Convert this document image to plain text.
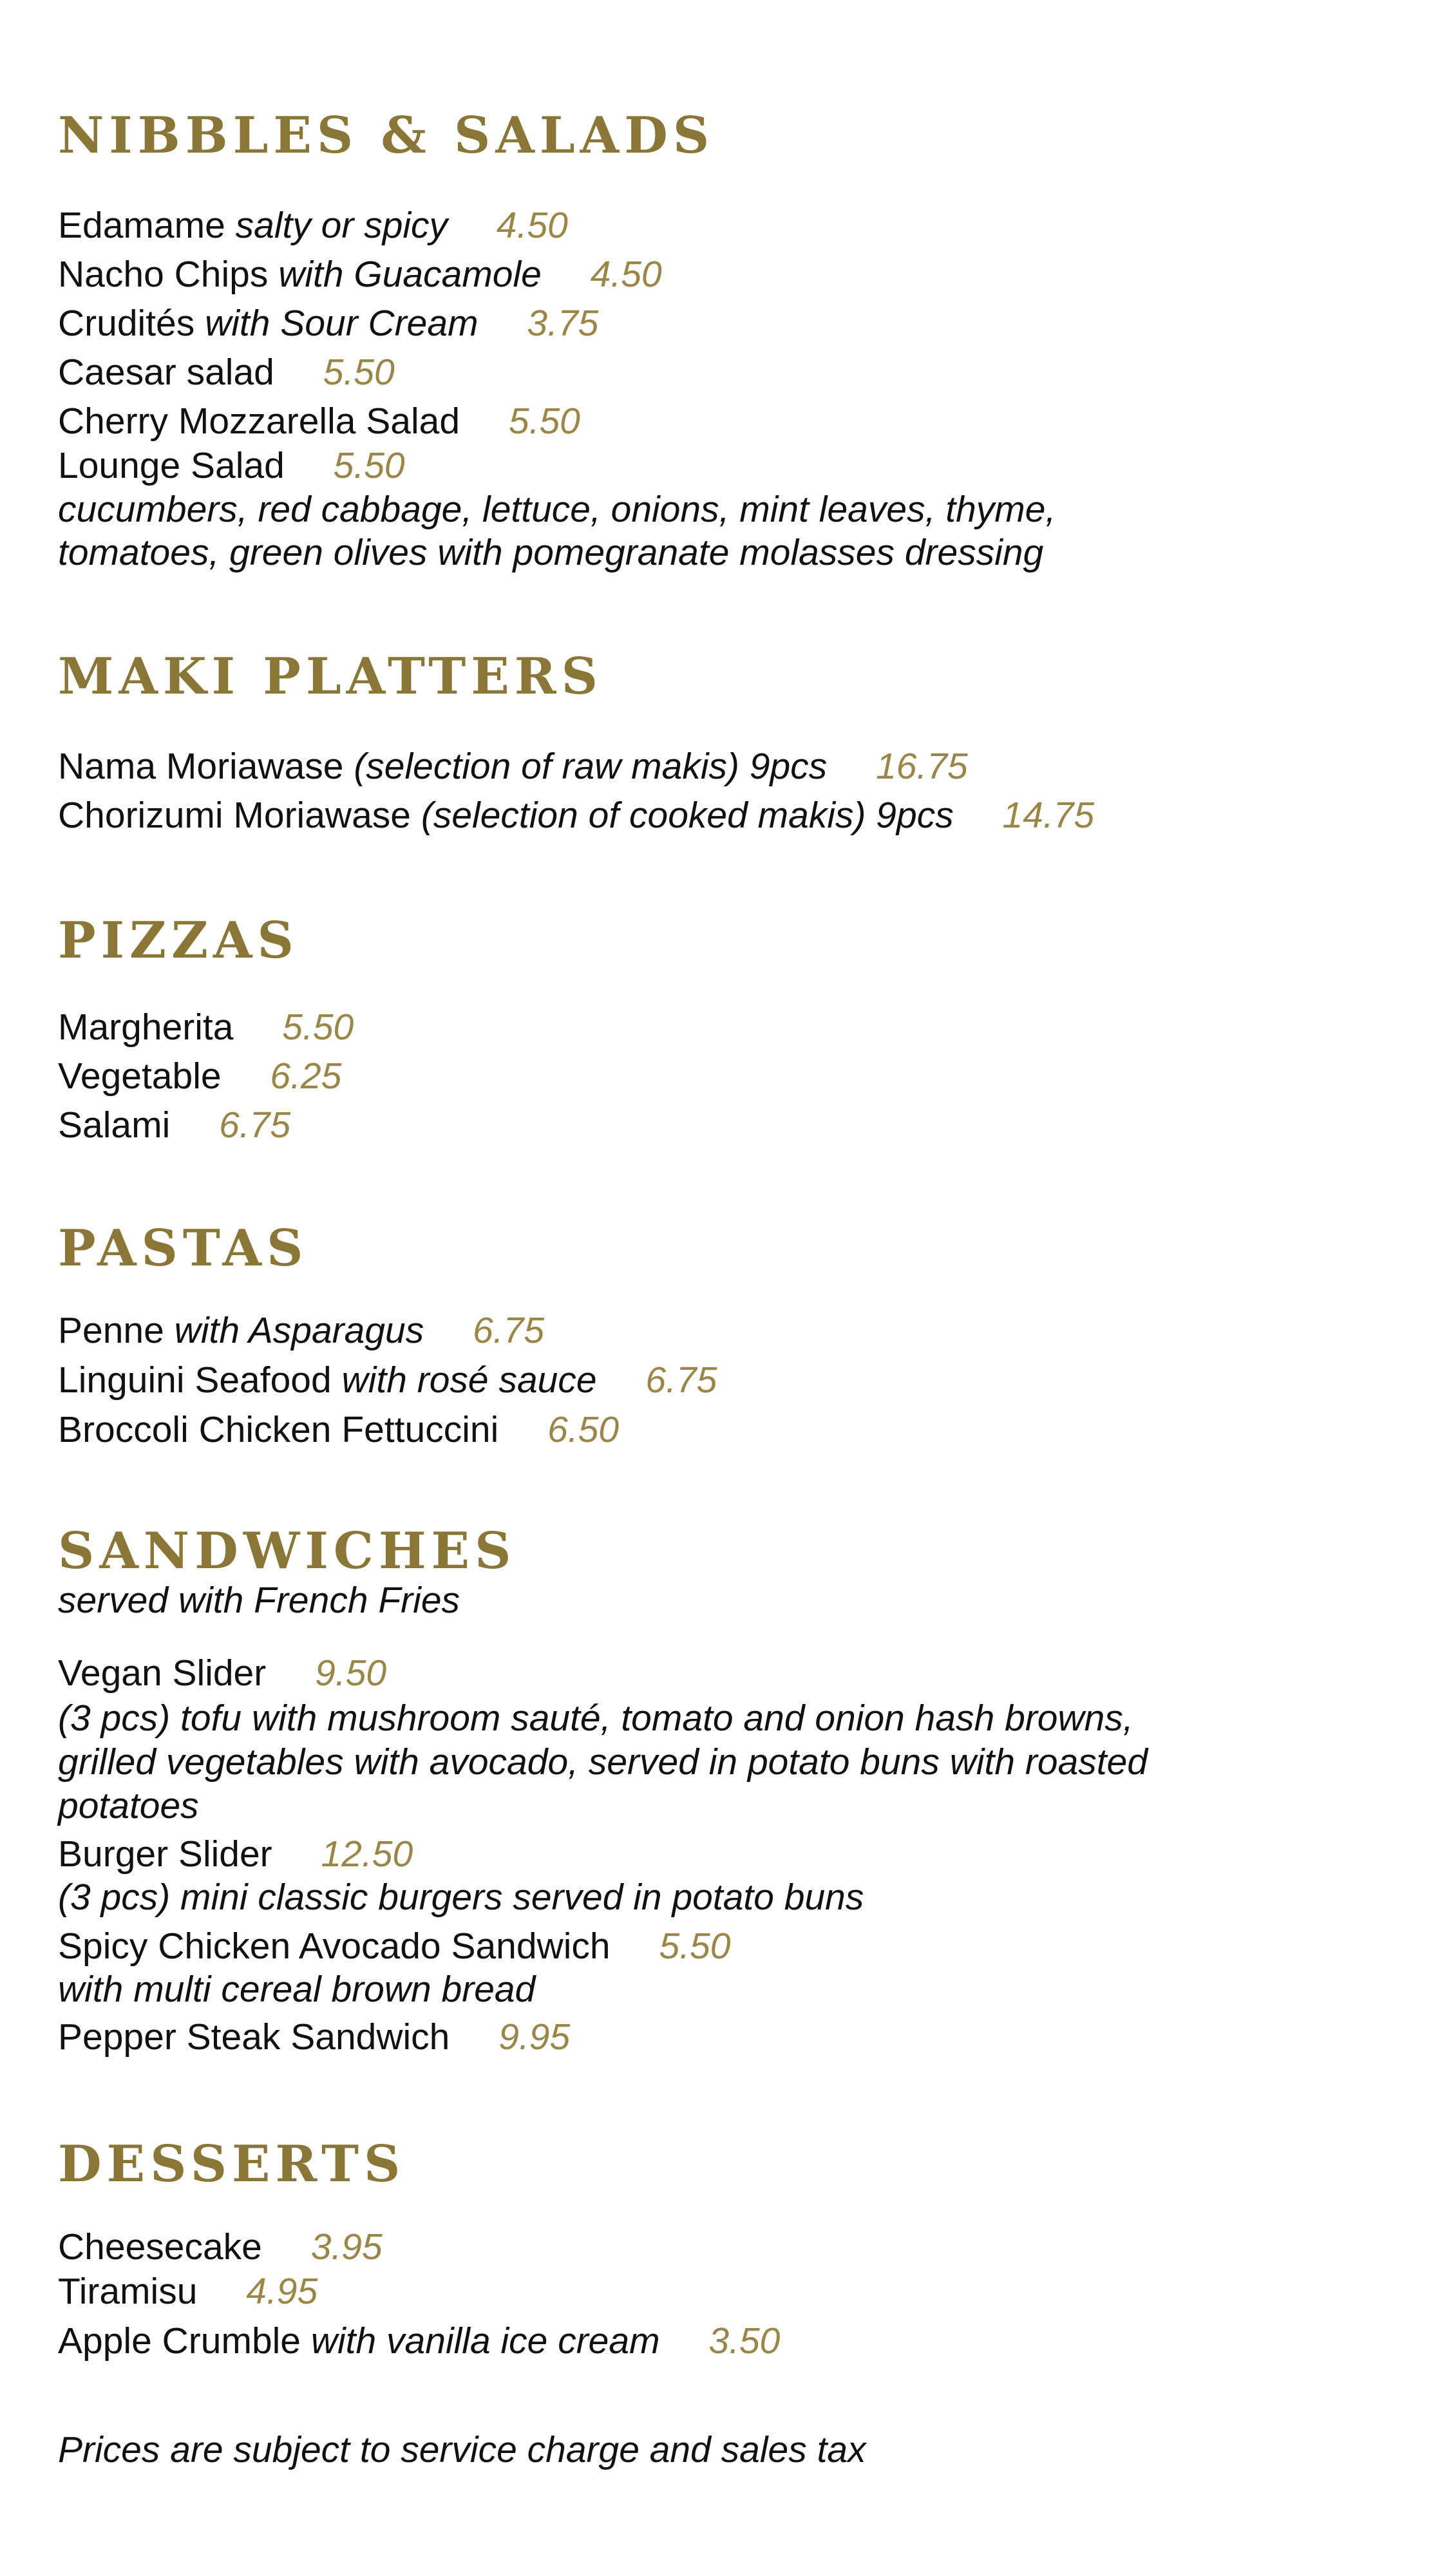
NIBBLES & SALADS

Edamame salty or spicy 4.50

Nacho Chips with Guacamole 4.50

Crudités with Sour Cream 3.75

Caesar salad 5.50

Cherry Mozzarella Salad 5.50

Lounge Salad 5.50

cucumbers, red cabbage, lettuce, onions, mint leaves, thyme,

tomatoes, green olives with pomegranate molasses dressing

MAKI PLATTERS

Nama Moriawase (selection of raw makis) 9pcs 16.75

Chorizumi Moriawase (selection of cooked makis) 9pcs 14.75

PIZZAS

Margherita 5.50

Vegetable 6.25

Salami 6.75

PASTAS

Penne with Asparagus 6.75

Linguini Seafood with rosé sauce 6.75

Broccoli Chicken Fettuccini 6.50

SANDWICHES

served with French Fries

Vegan Slider 9.50

(3 pcs) tofu with mushroom sauté, tomato and onion hash browns,

grilled vegetables with avocado, served in potato buns with roasted

potatoes

Burger Slider 12.50

(3 pcs) mini classic burgers served in potato buns

Spicy Chicken Avocado Sandwich 5.50

with multi cereal brown bread

Pepper Steak Sandwich 9.95

DESSERTS

Cheesecake 3.95

Tiramisu 4.95

Apple Crumble with vanilla ice cream 3.50

Prices are subject to service charge and sales tax
